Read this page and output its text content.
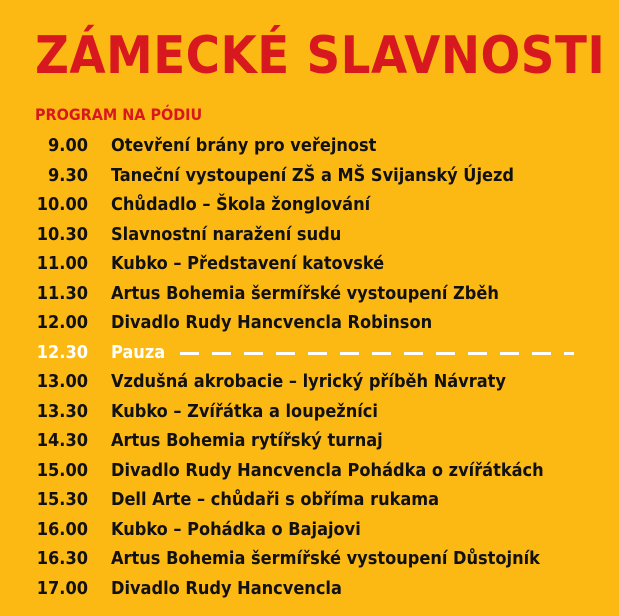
ZÁMECKÉ SLAVNOSTI
PROGRAM NA PÓDIU
9.00 Otevření brány pro veřejnost
9.30 Taneční vystoupení ZŠ a MŠ Svijanský Újezd
10.00 Chůdadlo – Škola žonglování
10.30 Slavnostní naražení sudu
11.00 Kubko – Představení katovské
11.30 Artus Bohemia šermířské vystoupení Zběh
12.00 Divadlo Rudy Hancvencla Robinson
12.30 Pauza
13.00 Vzdušná akrobacie – lyrický příběh Návraty
13.30 Kubko – Zvířátka a loupežníci
14.30 Artus Bohemia rytířský turnaj
15.00 Divadlo Rudy Hancvencla Pohádka o zvířátkách
15.30 Dell Arte – chůdaři s obříma rukama
16.00 Kubko – Pohádka o Bajajovi
16.30 Artus Bohemia šermířské vystoupení Důstojník
17.00 Divadlo Rudy Hancvencla
